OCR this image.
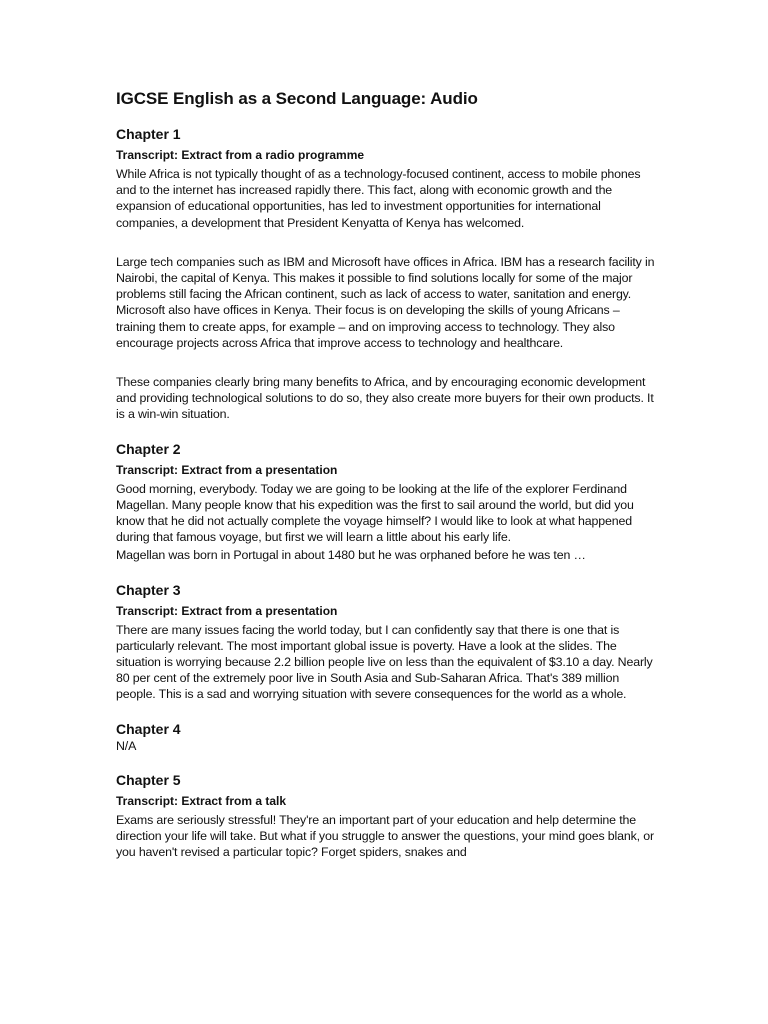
IGCSE English as a Second Language: Audio
Chapter 1
Transcript: Extract from a radio programme

While Africa is not typically thought of as a technology-focused continent, access to mobile phones and to the internet has increased rapidly there. This fact, along with economic growth and the expansion of educational opportunities, has led to investment opportunities for international companies, a development that President Kenyatta of Kenya has welcomed.

Large tech companies such as IBM and Microsoft have offices in Africa. IBM has a research facility in Nairobi, the capital of Kenya. This makes it possible to find solutions locally for some of the major problems still facing the African continent, such as lack of access to water, sanitation and energy. Microsoft also have offices in Kenya. Their focus is on developing the skills of young Africans – training them to create apps, for example – and on improving access to technology. They also encourage projects across Africa that improve access to technology and healthcare.

These companies clearly bring many benefits to Africa, and by encouraging economic development and providing technological solutions to do so, they also create more buyers for their own products. It is a win-win situation.

Chapter 2
Transcript: Extract from a presentation

Good morning, everybody. Today we are going to be looking at the life of the explorer Ferdinand Magellan. Many people know that his expedition was the first to sail around the world, but did you know that he did not actually complete the voyage himself? I would like to look at what happened during that famous voyage, but first we will learn a little about his early life.

Magellan was born in Portugal in about 1480 but he was orphaned before he was ten …

Chapter 3
Transcript: Extract from a presentation

There are many issues facing the world today, but I can confidently say that there is one that is particularly relevant. The most important global issue is poverty. Have a look at the slides. The situation is worrying because 2.2 billion people live on less than the equivalent of $3.10 a day. Nearly 80 per cent of the extremely poor live in South Asia and Sub-Saharan Africa. That's 389 million people. This is a sad and worrying situation with severe consequences for the world as a whole.

Chapter 4

N/A

Chapter 5
Transcript: Extract from a talk

Exams are seriously stressful! They're an important part of your education and help determine the direction your life will take. But what if you struggle to answer the questions, your mind goes blank, or you haven't revised a particular topic? Forget spiders, snakes and
